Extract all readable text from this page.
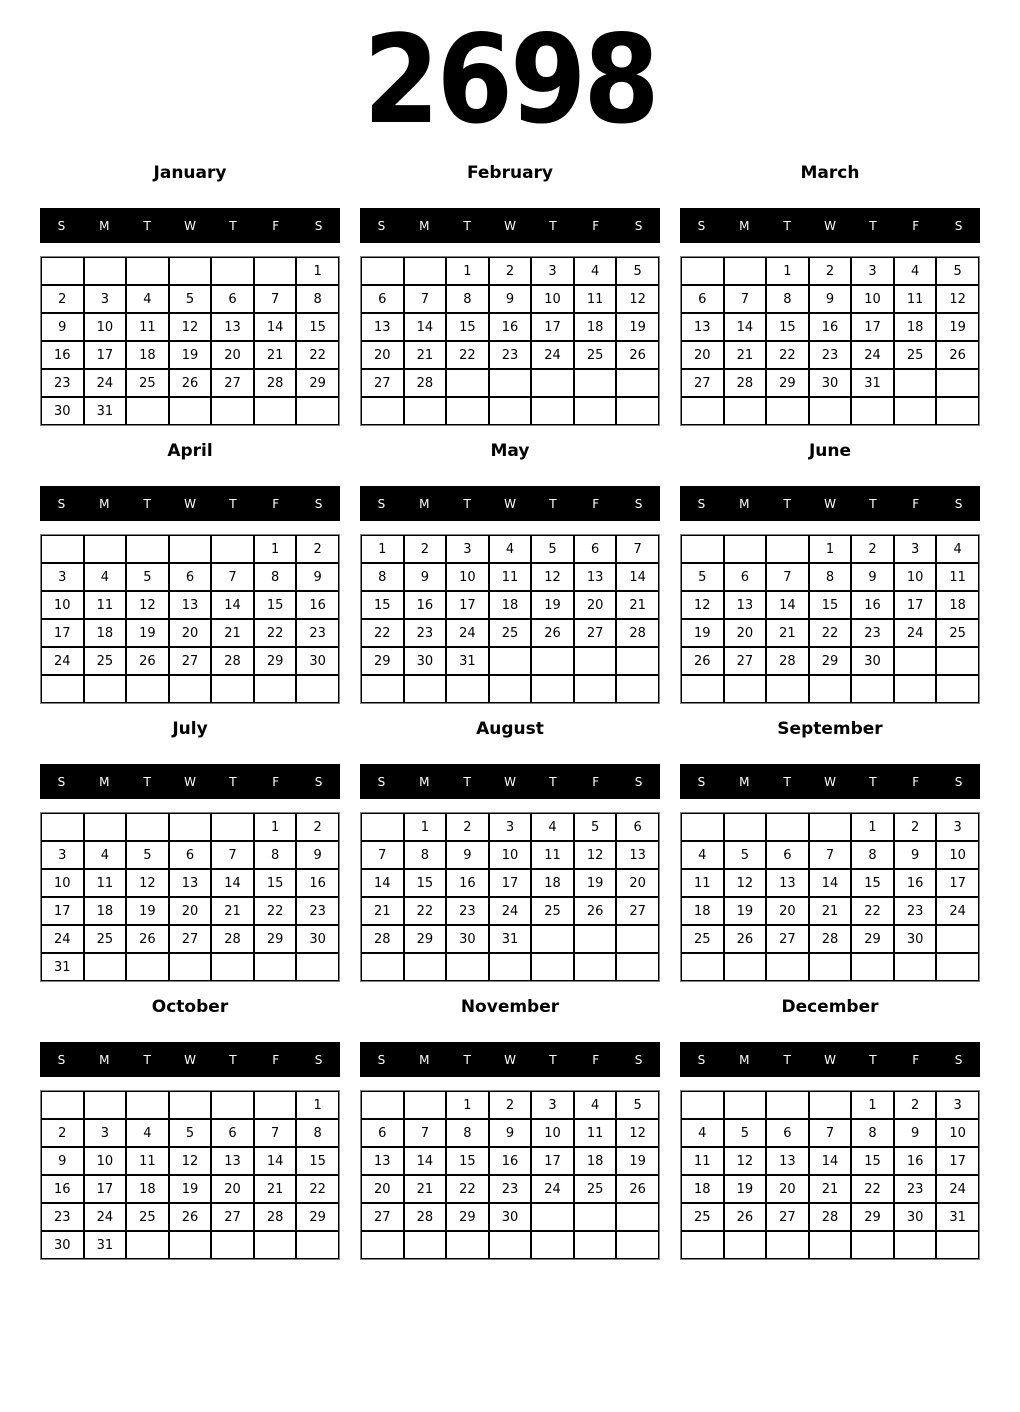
2698
January
S	M	T	W	T	F	S
						1
2	3	4	5	6	7	8
9	10	11	12	13	14	15
16	17	18	19	20	21	22
23	24	25	26	27	28	29
30	31					
February
S	M	T	W	T	F	S
		1	2	3	4	5
6	7	8	9	10	11	12
13	14	15	16	17	18	19
20	21	22	23	24	25	26
27	28					

March
S	M	T	W	T	F	S
		1	2	3	4	5
6	7	8	9	10	11	12
13	14	15	16	17	18	19
20	21	22	23	24	25	26
27	28	29	30	31		

April
S	M	T	W	T	F	S
					1	2
3	4	5	6	7	8	9
10	11	12	13	14	15	16
17	18	19	20	21	22	23
24	25	26	27	28	29	30

May
S	M	T	W	T	F	S
1	2	3	4	5	6	7
8	9	10	11	12	13	14
15	16	17	18	19	20	21
22	23	24	25	26	27	28
29	30	31				

June
S	M	T	W	T	F	S
			1	2	3	4
5	6	7	8	9	10	11
12	13	14	15	16	17	18
19	20	21	22	23	24	25
26	27	28	29	30		

July
S	M	T	W	T	F	S
					1	2
3	4	5	6	7	8	9
10	11	12	13	14	15	16
17	18	19	20	21	22	23
24	25	26	27	28	29	30
31						
August
S	M	T	W	T	F	S
	1	2	3	4	5	6
7	8	9	10	11	12	13
14	15	16	17	18	19	20
21	22	23	24	25	26	27
28	29	30	31			

September
S	M	T	W	T	F	S
				1	2	3
4	5	6	7	8	9	10
11	12	13	14	15	16	17
18	19	20	21	22	23	24
25	26	27	28	29	30	

October
S	M	T	W	T	F	S
						1
2	3	4	5	6	7	8
9	10	11	12	13	14	15
16	17	18	19	20	21	22
23	24	25	26	27	28	29
30	31					
November
S	M	T	W	T	F	S
		1	2	3	4	5
6	7	8	9	10	11	12
13	14	15	16	17	18	19
20	21	22	23	24	25	26
27	28	29	30			

December
S	M	T	W	T	F	S
				1	2	3
4	5	6	7	8	9	10
11	12	13	14	15	16	17
18	19	20	21	22	23	24
25	26	27	28	29	30	31
